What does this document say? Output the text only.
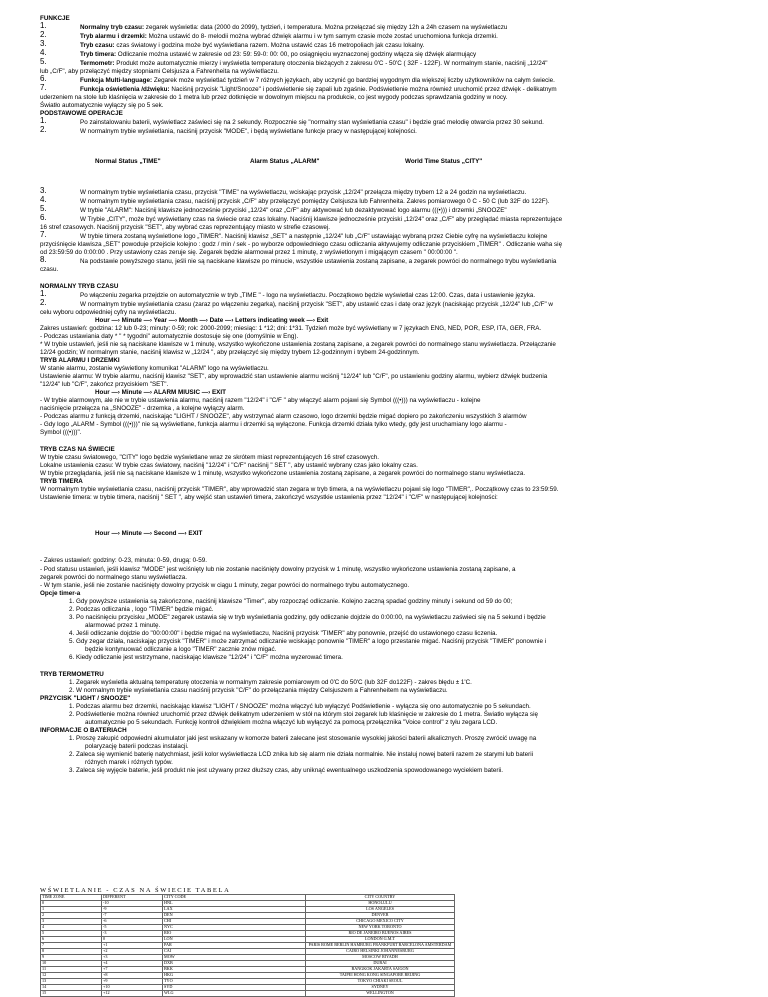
FUNKCJE
Normalny tryb czasu: zegarek wyświetla: data (2000 do 2099), tydzień, i temperatura. Można przełączać się między 12h a 24h czasem na wyświetlaczu
Tryb alarmu i drzemki: Można ustawić do 8- melodii można wybrać dźwięk alarmu i w tym samym czasie może zostać uruchomiona funkcja drzemki.
Tryb czasu: czas światowy i godzina może być wyświetlana razem. Można ustawić czas 16 metropoliach jak czasu lokalny.
Tryb timera: Odliczanie można ustawić w zakresie od 23: 59: 59-0: 00: 00, po osiągnięciu wyznaczonej godziny włącza się dźwięk alarmujący
Termometr: Produkt może automatycznie mierzy i wyświetla temperaturę otoczenia bieżących z zakresu 0'C - 50'C ( 32F - 122F). W normalnym stanie, naciśnij „12/24"
lub „C/F", aby przełączyć między stopniami Celsjusza a Fahrenheita na wyświetlaczu.
Funkcja Multi-language: Zegarek może wyświetlać tydzień w 7 różnych językach, aby uczynić go bardziej wygodnym dla większej liczby użytkowników na całym świecie.
Funkcja oświetlenia /dźwięku: Naciśnij przycisk "Light/Snooze" i podświetlenie się zapali lub zgaśnie. Podświetlenie można również uruchomić przez dźwięk - delikatnym
uderzeniem na stole lub klaśnięcia w zakresie do 1 metra lub przez dotknięcie w dowolnym miejscu na produkcie, co jest wygody podczas sprawdzania godziny w nocy.
Światło automatycznie wyłączy się po 5 sek.
PODSTAWOWE OPERACJE
Po zainstalowaniu baterii, wyświetlacz zaświeci się na 2 sekundy. Rozpocznie się "normalny stan wyświetlania czasu" i będzie grać melodię otwarcia przez 30 sekund.
W normalnym trybie wyświetlania, naciśnij przycisk "MODE", i będą wyświetlane funkcje pracy w następującej kolejności.
W normalnym trybie wyświetlania czasu, przycisk "TIME" na wyświetlaczu, wciskając przycisk „12/24" przełącza między trybem 12 a 24 godzin na wyświetlaczu.
W normalnym trybie wyświetlania czasu, naciśnij przycisk „C/F" aby przełączyć pomiędzy Celsjusza lub Fahrenheita. Zakres pomiarowego 0 C - 50 C (lub 32F do 122F).
W trybie "ALARM": Naciśnij klawisze jednocześnie przyciski „12/24" oraz „C/F" aby aktywować lub dezaktywować logo alarmu (((•))) i drzemki „SNOOZE"
W Trybie „CITY", może być wyświetlany czas na świecie oraz czas lokalny. Naciśnij klawisze jednocześnie przyciski „12/24" oraz „C/F" aby przeglądać miasta reprezentujące
16 stref czasowych. Naciśnij przycisk "SET", aby wybrać czas reprezentujący miasto w strefie czasowej.
W trybie timera zostaną wyświetlone logo „TIMER". Naciśnij klawisz „SET" a następnie „12/24" lub „C/F" ustawiając wybraną przez Ciebie cyfrę na wyświetlaczu kolejne
przyciśnięcie klawisza „SET" powoduje przejście kolejno : godz / min / sek - po wyborze odpowiedniego czasu odliczania aktywujemy odliczanie przyciskiem „TIMER" . Odliczanie waha się
od 23:59:59 do 0:00:00 . Przy ustawiony czas zeruje się. Zegarek będzie alarmował przez 1 minutę, z wyświetlonym i migającym czasem " 00:00:00 ".
Na podstawie powyższego stanu, jeśli nie są naciskane klawisze po minucie, wszystkie ustawienia zostaną zapisane, a zegarek powróci do normalnego trybu wyświetlania
czasu.
NORMALNY TRYB CZASU
Po włączeniu zegarka przejdzie on automatycznie w tryb „TIME " - logo na wyświetlaczu. Początkowo będzie wyświetlał czas 12:00. Czas, data i ustawienie języka.
W normalnym trybie wyświetlania czasu (zaraz po włączeniu zegarka), naciśnij przycisk "SET", aby ustawić czas i datę oraz język (naciskając przycisk „12/24" lub „C/F" w
celu wyboru odpowiedniej cyfry na wyświetlaczu.
Hour —› Minute —› Year —› Month —› Date —› Letters indicating week —› Exit
Zakres ustawień: godzina: 12 lub 0-23; minuty: 0-59; rok: 2000-2099; miesiąc: 1 *12; dni: 1*31. Tydzień może być wyświetlany w 7 językach ENG, NED, POR, ESP, ITA, GER, FRA.
- Podczas ustawiania daty * " * tygodni" automatycznie dostosuje się one (domyślnie w Eng).
* W trybie ustawień, jeśli nie są naciskane klawisze w 1 minutę, wszystko wykończone ustawienia zostaną zapisane, a zegarek powróci do normalnego stanu wyświetlacza. Przełączanie
12/24 godzin; W normalnym stanie, naciśnij klawisz w „12/24 ", aby przełączyć się między trybem 12-godzinnym i trybem 24-godzinnym.
TRYB ALARMU I DRZEMKI
W stanie alarmu, zostanie wyświetlony komunikat "ALARM" logo na wyświetlaczu.
Ustawienie alarmu: W trybie alarmu, naciśnij klawisz "SET", aby wprowadzić stan ustawienie alarmu wciśnij "12/24" lub "C/F", po ustawieniu godziny alarmu, wybierz dźwięk budzenia
"12/24" lub "C/F", zakończ przyciskiem "SET".
Hour —› Minute —› ALARM MIUSIC —› EXIT
- W trybie alarmowym, ale nie w trybie ustawienia alarmu, naciśnij razem "12/24" i "C/F " aby włączyć alarm pojawi się Symbol (((•))) na wyświetlaczu - kolejne
naciśnięcie przełącza na „SNOOZE" - drzemka , a kolejne wyłączy alarm.
- Podczas alarmu z funkcją drzemki, naciskając "LIGHT / SNOOZE", aby wstrzymać alarm czasowo, logo drzemki będzie migać dopiero po zakończeniu wszystkich 3 alarmów
- Gdy logo „ALARM - Symbol (((•)))" nie są wyświetlane, funkcja alarmu i drzemki są wyłączone. Funkcja drzemki działa tylko wtedy, gdy jest uruchamiany logo alarmu -
Symbol (((•)))".
TRYB CZAS NA ŚWIECIE
W trybie czasu światowego, "CITY" logo będzie wyświetlane wraz ze skrótem miast reprezentujących 16 stref czasowych.
Lokalne ustawienia czasu: W trybie czas światowy, naciśnij "12/24" i "C/F" naciśnij " SET ", aby ustawić wybrany czas jako lokalny czas.
W trybie przeglądania, jeśli nie są naciskane klawisze w 1 minutę, wszystko wykończone ustawienia zostaną zapisane, a zegarek powróci do normalnego stanu wyświetlacza.
TRYB TIMERA
W normalnym trybie wyświetlania czasu, naciśnij przycisk "TIMER", aby wprowadzić stan zegara w tryb timera, a na wyświetlaczu pojawi się logo "TIMER",. Początkowy czas to 23:59:59.
Ustawienie timera: w trybie timera, naciśnij " SET ", aby wejść stan ustawień timera, zakończyć wszystkie ustawienia przez "12/24" i "C/F" w następującej kolejności:
Hour —› Minute —› Second —› EXIT
- Zakres ustawień: godziny: 0-23, minuta: 0-59, drugą: 0-59.
- Pod statusu ustawień, jeśli klawisz "MODE" jest wciśnięty lub nie zostanie naciśnięty dowolny przycisk w 1 minutę, wszystko wykończone ustawienia zostaną zapisane, a
zegarek powróci do normalnego stanu wyświetlacza.
- W tym stanie, jeśli nie zostanie naciśnięty dowolny przycisk w ciągu 1 minuty, zegar powróci do normalnego trybu automatycznego.
Opcje timer-a
1. Gdy powyższe ustawienia są zakończone, naciśnij klawisze "Timer", aby rozpocząć odliczanie. Kolejno zaczną spadać godziny minuty i sekund od 59 do 00;
2. Podczas odliczania , logo "TIMER" będzie migać.
3. Po naciśnięciu przycisku „MODE" zegarek ustawia się w tryb wyświetlania godziny, gdy odliczanie dojdzie do 0:00:00, na wyświetlaczu zaświeci się na 5 sekund i będzie
alarmować przez 1 minutę.
4. Jeśli odliczanie dojdzie do "00:00:00" i będzie migać na wyświetlaczu, Naciśnij przycisk "TIMER" aby ponownie, przejść do ustawionego czasu liczenia.
5. Gdy zegar działa, naciskając przycisk "TIMER" i może zatrzymać odliczanie wciskając ponownie "TIMER" a logo przestanie migać. Naciśnij przycisk "TIMER" ponownie i
będzie kontynuować odliczanie a logo "TIMER" zacznie znów migać.
6. Kiedy odliczanie jest wstrzymane, naciskając klawisze "12/24" i "C/F" można wyzerować timera.
TRYB TERMOMETRU
1. Zegarek wyświetla aktualną temperaturę otoczenia w normalnym zakresie pomiarowym od 0'C do 50'C (lub 32F do122F) - zakres błędu ± 1'C.
2. W normalnym trybie wyświetlania czasu naciśnij przycisk "C/F" do przełączania między Celsjuszem a Fahrenheitem na wyświetlaczu.
PRZYCISK "LIGHT / SNOOZE"
1. Podczas alarmu bez drzemki, naciskając klawisz "LIGHT / SNOOZE" można włączyć lub wyłączyć Podświetlenie - wyłącza się ono automatycznie po 5 sekundach.
2. Podświetlenie można również uruchomić przez dźwięk delikatnym uderzeniem w stół na którym stoi zegarek lub klaśnięcie w zakresie do 1 metra. Światło wyłącza się
automatycznie po 5 sekundach. Funkcję kontroli dźwiękiem można włączyć lub wyłączyć za pomocą przełącznika "Voice control" z tyłu zegara LCD.
INFORMACJE O BATERIACH
1. Proszę zakupić odpowiedni akumulator jaki jest wskazany w komorze baterii zalecane jest stosowanie wysokiej jakości baterii alkalicznych. Proszę zwrócić uwagę na
polaryzację baterii podczas instalacji.
2. Zaleca się wymienić baterię natychmiast, jeśli kolor wyświetlacza LCD znika lub się alarm nie działa normalnie. Nie instaluj nowej baterii razem ze starymi lub baterii
różnych marek i różnych typów.
3. Zaleca się wyjęcie baterie, jeśli produkt nie jest używany przez dłuższy czas, aby uniknąć ewentualnego uszkodzenia spowodowanego wyciekiem baterii.
1.
2.
3.
4.
5.
6.
7.
1.
2.
3.
4.
5.
6.
7.
8.
1.
2.
Normal Status „TIME"	Alarm Status „ALARM"	World Time Status „CITY"
WŚWIETLANIE - CZAS NA ŚWIECIE TABELA
TIME ZONE	DIFFERENT	CITY CODE	CITY COUNTRY
0	-10	HNL	HONOLULU
1	-9	LAX	LOS ANGELES
2	-7	DEN	DENVER
3	-6	CHI	CHICAGO MEXICO CITY
4	-5	NYC	NEW YORK TORONTO
5	-3	RIO	RIO DE JANEIRO BUENOS AIRES
6	0	LON	LONDON G.M.T
7	+1	PAR	PARIS ROME BERLIN HAMBURG FRANKFURT BARCELONA AMSTERDAM
8	+2	CAI	CAIRO HELSINKI JOHANNESBURG
9	+3	MOW	MOSCOW RIYADH
10	+4	DXB	DUBAI
11	+7	BKK	BANGKOK JAKARTA SAIGON
12	+8	HKG	TAIPEI HONG KONG SINGAPORE BEIJING
13	+9	TYO	TOKYO CHIAKI SEOUL
14	+10	SYD	SYDNEY
15	+12	WLG	WELLINGTON
